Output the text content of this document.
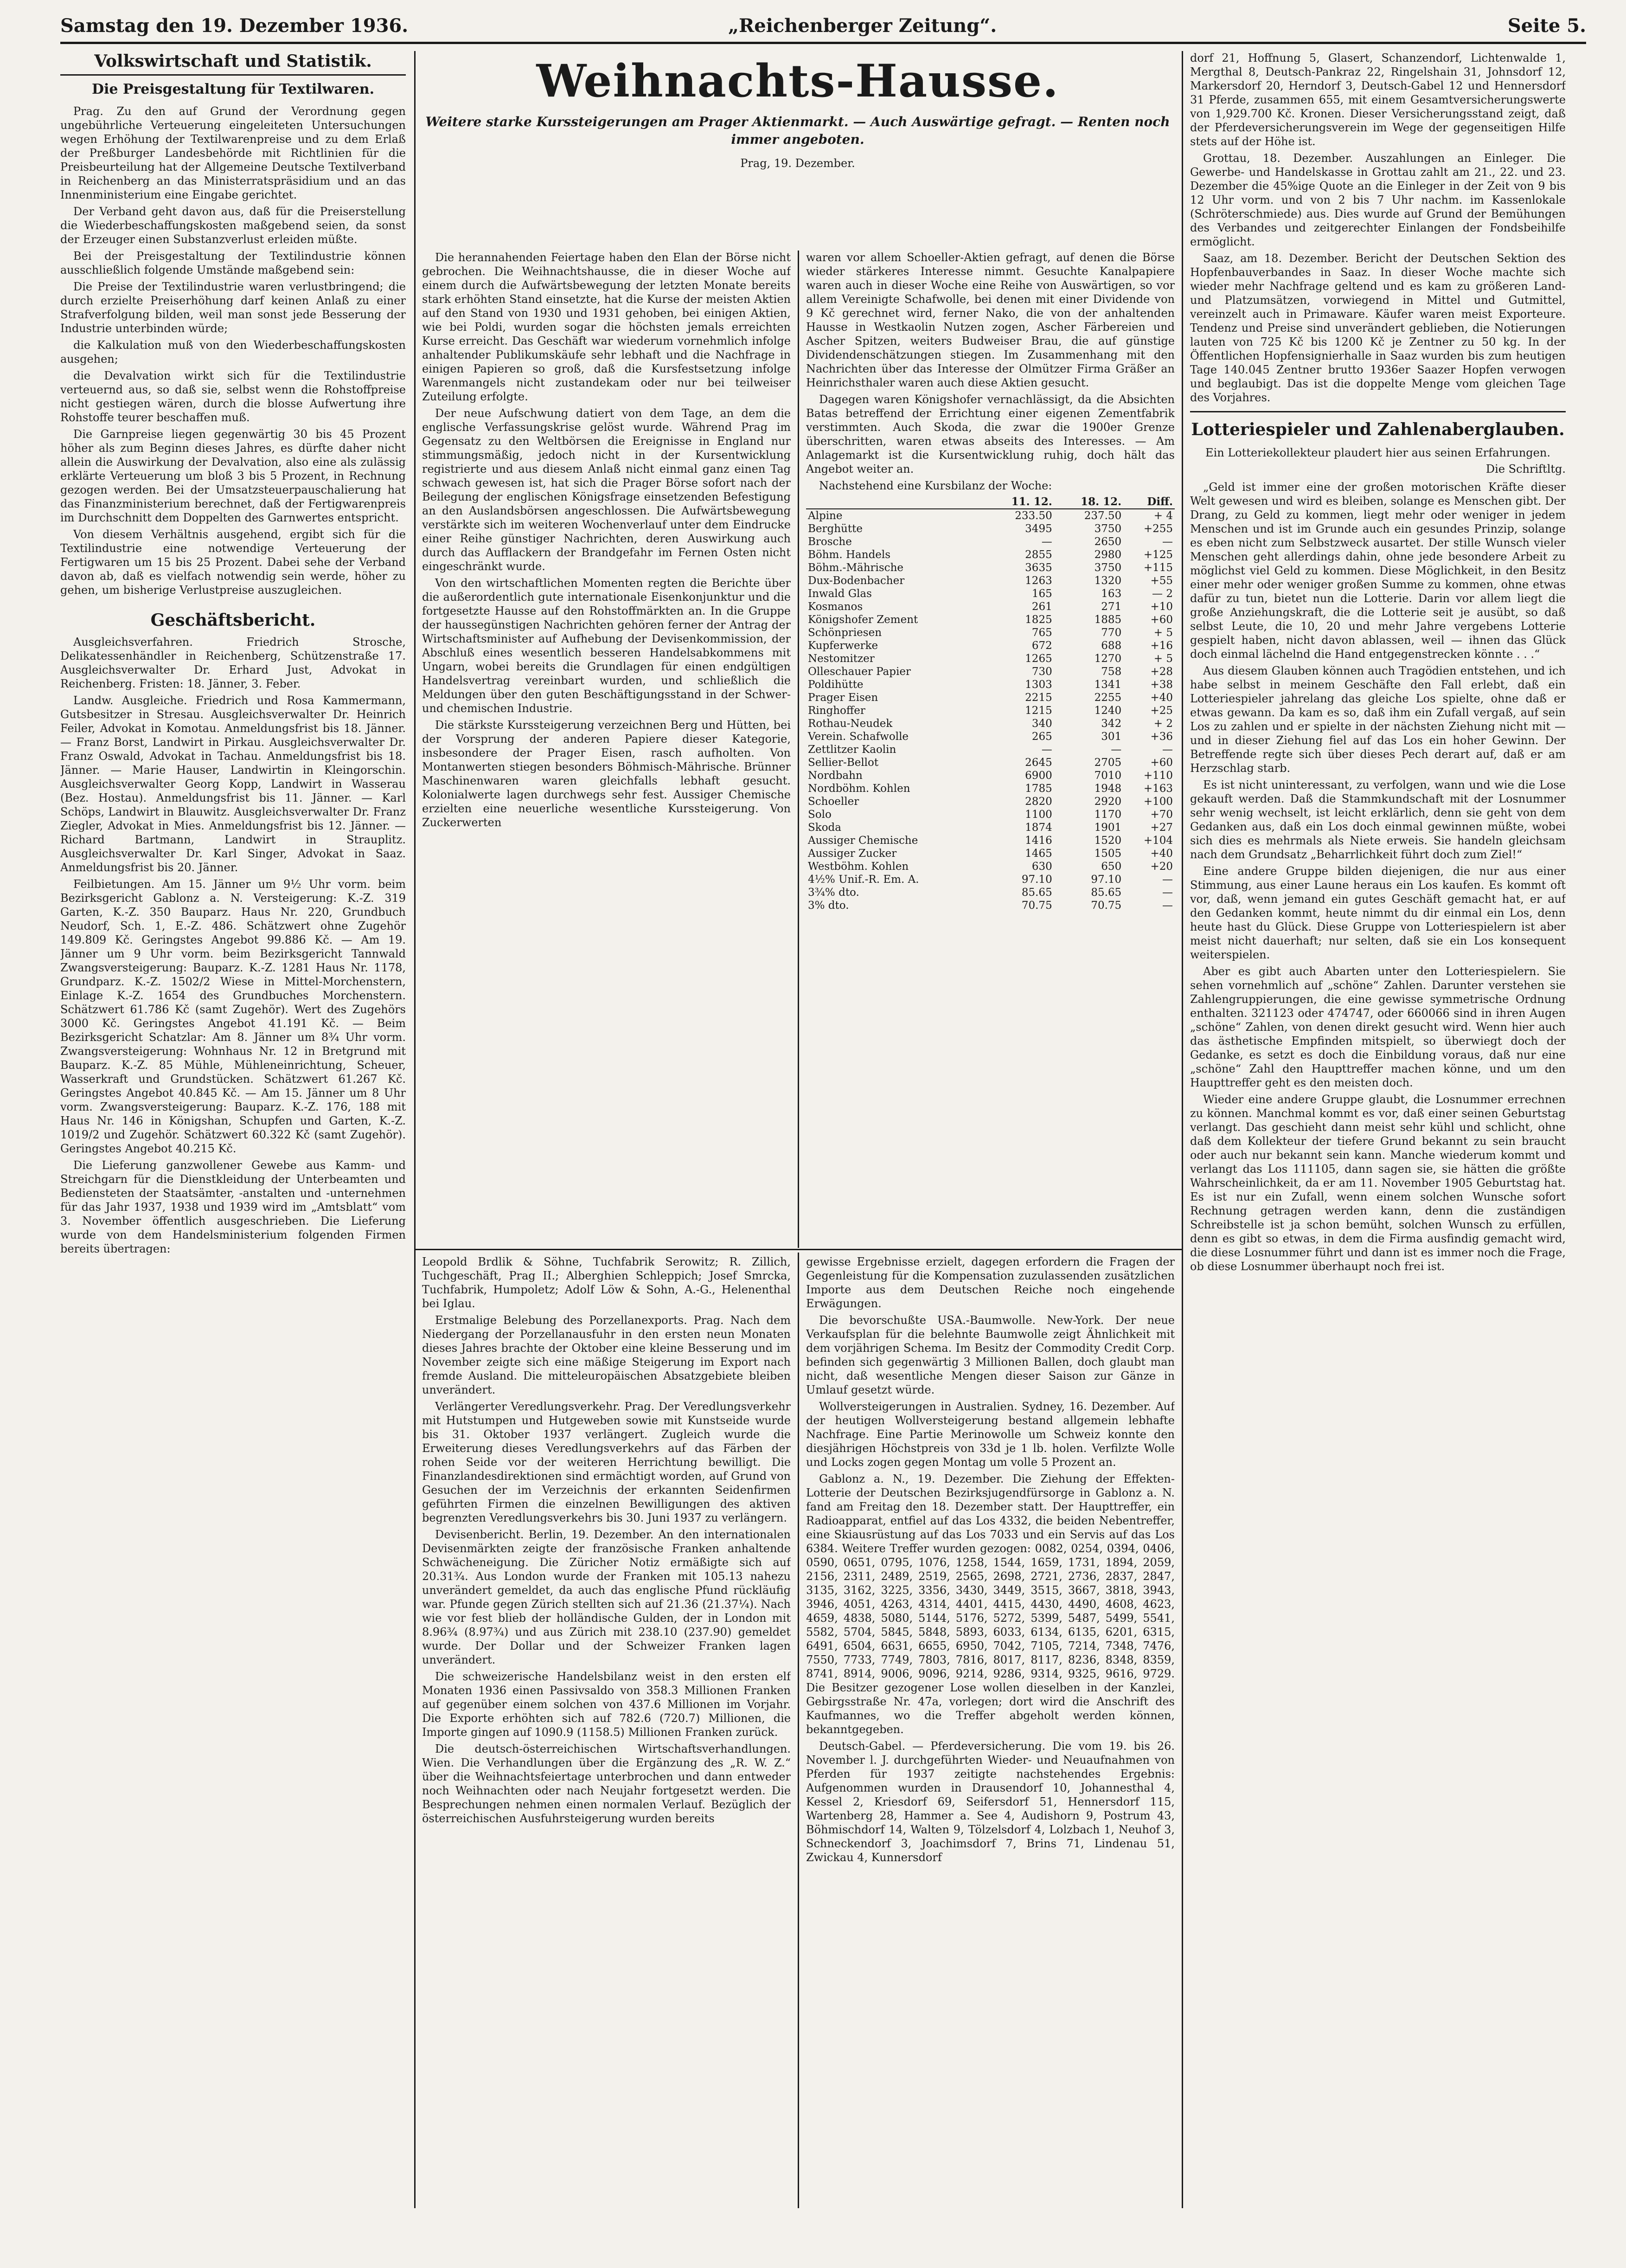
Samstag den 19. Dezember 1936.	„Reichenberger Zeitung“.	Seite 5.
Volkswirtschaft und Statistik.
Die Preisgestaltung für Textilwaren.

Prag. Zu den auf Grund der Verordnung gegen ungebührliche Verteuerung eingeleiteten Untersuchungen wegen Erhöhung der Textilwarenpreise und zu dem Erlaß der Preßburger Landesbehörde mit Richtlinien für die Preisbeurteilung hat der Allgemeine Deutsche Textilverband in Reichenberg an das Ministerratspräsidium und an das Innenministerium eine Eingabe gerichtet.

Der Verband geht davon aus, daß für die Preiserstellung die Wiederbeschaffungskosten maßgebend seien, da sonst der Erzeuger einen Substanzverlust erleiden müßte.

Bei der Preisgestaltung der Textilindustrie können ausschließlich folgende Umstände maßgebend sein:

Die Preise der Textilindustrie waren verlustbringend; die durch erzielte Preiserhöhung darf keinen Anlaß zu einer Strafverfolgung bilden, weil man sonst jede Besserung der Industrie unterbinden würde;

die Kalkulation muß von den Wiederbeschaffungskosten ausgehen;

die Devalvation wirkt sich für die Textilindustrie verteuernd aus, so daß sie, selbst wenn die Rohstoffpreise nicht gestiegen wären, durch die blosse Aufwertung ihre Rohstoffe teurer beschaffen muß.

Die Garnpreise liegen gegenwärtig 30 bis 45 Prozent höher als zum Beginn dieses Jahres, es dürfte daher nicht allein die Auswirkung der Devalvation, also eine als zulässig erklärte Verteuerung um bloß 3 bis 5 Prozent, in Rechnung gezogen werden. Bei der Umsatzsteuerpauschalierung hat das Finanzministerium berechnet, daß der Fertigwarenpreis im Durchschnitt dem Doppelten des Garnwertes entspricht.

Von diesem Verhältnis ausgehend, ergibt sich für die Textilindustrie eine notwendige Verteuerung der Fertigwaren um 15 bis 25 Prozent. Dabei sehe der Verband davon ab, daß es vielfach notwendig sein werde, höher zu gehen, um bisherige Verlustpreise auszugleichen.

Geschäftsbericht.

Ausgleichsverfahren. Friedrich Strosche, Delikatessenhändler in Reichenberg, Schützenstraße 17. Ausgleichsverwalter Dr. Erhard Just, Advokat in Reichenberg. Fristen: 18. Jänner, 3. Feber.

Landw. Ausgleiche. Friedrich und Rosa Kammermann, Gutsbesitzer in Stresau. Ausgleichsverwalter Dr. Heinrich Feiler, Advokat in Komotau. Anmeldungsfrist bis 18. Jänner. — Franz Borst, Landwirt in Pirkau. Ausgleichsverwalter Dr. Franz Oswald, Advokat in Tachau. Anmeldungsfrist bis 18. Jänner. — Marie Hauser, Landwirtin in Kleingorschin. Ausgleichsverwalter Georg Kopp, Landwirt in Wasserau (Bez. Hostau). Anmeldungsfrist bis 11. Jänner. — Karl Schöps, Landwirt in Blauwitz. Ausgleichsverwalter Dr. Franz Ziegler, Advokat in Mies. Anmeldungsfrist bis 12. Jänner. — Richard Bartmann, Landwirt in Strauplitz. Ausgleichsverwalter Dr. Karl Singer, Advokat in Saaz. Anmeldungsfrist bis 20. Jänner.

Feilbietungen. Am 15. Jänner um 9½ Uhr vorm. beim Bezirksgericht Gablonz a. N. Versteigerung: K.-Z. 319 Garten, K.-Z. 350 Bauparz. Haus Nr. 220, Grundbuch Neudorf, Sch. 1, E.-Z. 486. Schätzwert ohne Zugehör 149.809 Kč. Geringstes Angebot 99.886 Kč. — Am 19. Jänner um 9 Uhr vorm. beim Bezirksgericht Tannwald Zwangsversteigerung: Bauparz. K.-Z. 1281 Haus Nr. 1178, Grundparz. K.-Z. 1502/2 Wiese in Mittel-Morchenstern, Einlage K.-Z. 1654 des Grundbuches Morchenstern. Schätzwert 61.786 Kč (samt Zugehör). Wert des Zugehörs 3000 Kč. Geringstes Angebot 41.191 Kč. — Beim Bezirksgericht Schatzlar: Am 8. Jänner um 8¾ Uhr vorm. Zwangsversteigerung: Wohnhaus Nr. 12 in Bretgrund mit Bauparz. K.-Z. 85 Mühle, Mühleneinrichtung, Scheuer, Wasserkraft und Grundstücken. Schätzwert 61.267 Kč. Geringstes Angebot 40.845 Kč. — Am 15. Jänner um 8 Uhr vorm. Zwangsversteigerung: Bauparz. K.-Z. 176, 188 mit Haus Nr. 146 in Königshan, Schupfen und Garten, K.-Z. 1019/2 und Zugehör. Schätzwert 60.322 Kč (samt Zugehör). Geringstes Angebot 40.215 Kč.

Die Lieferung ganzwollener Gewebe aus Kamm- und Streichgarn für die Dienstkleidung der Unterbeamten und Bediensteten der Staatsämter, -anstalten und -unternehmen für das Jahr 1937, 1938 und 1939 wird im „Amtsblatt“ vom 3. November öffentlich ausgeschrieben. Die Lieferung wurde von dem Handelsministerium folgenden Firmen bereits übertragen:

Weihnachts-Hausse.
Weitere starke Kurssteigerungen am Prager Aktienmarkt. — Auch Auswärtige gefragt. — Renten noch immer angeboten.
Prag, 19. Dezember.

Die herannahenden Feiertage haben den Elan der Börse nicht gebrochen. Die Weihnachtshausse, die in dieser Woche auf einem durch die Aufwärtsbewegung der letzten Monate bereits stark erhöhten Stand einsetzte, hat die Kurse der meisten Aktien auf den Stand von 1930 und 1931 gehoben, bei einigen Aktien, wie bei Poldi, wurden sogar die höchsten jemals erreichten Kurse erreicht. Das Geschäft war wiederum vornehmlich infolge anhaltender Publikumskäufe sehr lebhaft und die Nachfrage in einigen Papieren so groß, daß die Kursfestsetzung infolge Warenmangels nicht zustandekam oder nur bei teilweiser Zuteilung erfolgte.

Der neue Aufschwung datiert von dem Tage, an dem die englische Verfassungskrise gelöst wurde. Während Prag im Gegensatz zu den Weltbörsen die Ereignisse in England nur stimmungsmäßig, jedoch nicht in der Kursentwicklung registrierte und aus diesem Anlaß nicht einmal ganz einen Tag schwach gewesen ist, hat sich die Prager Börse sofort nach der Beilegung der englischen Königsfrage einsetzenden Befestigung an den Auslandsbörsen angeschlossen. Die Aufwärtsbewegung verstärkte sich im weiteren Wochenverlauf unter dem Eindrucke einer Reihe günstiger Nachrichten, deren Auswirkung auch durch das Aufflackern der Brandgefahr im Fernen Osten nicht eingeschränkt wurde.

Von den wirtschaftlichen Momenten regten die Berichte über die außerordentlich gute internationale Eisenkonjunktur und die fortgesetzte Hausse auf den Rohstoffmärkten an. In die Gruppe der haussegünstigen Nachrichten gehören ferner der Antrag der Wirtschaftsminister auf Aufhebung der Devisenkommission, der Abschluß eines wesentlich besseren Handelsabkommens mit Ungarn, wobei bereits die Grundlagen für einen endgültigen Handelsvertrag vereinbart wurden, und schließlich die Meldungen über den guten Beschäftigungsstand in der Schwer- und chemischen Industrie.

Die stärkste Kurssteigerung verzeichnen Berg und Hütten, bei der Vorsprung der anderen Papiere dieser Kategorie, insbesondere der Prager Eisen, rasch aufholten. Von Montanwerten stiegen besonders Böhmisch-Mährische. Brünner Maschinenwaren waren gleichfalls lebhaft gesucht. Kolonialwerte lagen durchwegs sehr fest. Aussiger Chemische erzielten eine neuerliche wesentliche Kurssteigerung. Von Zuckerwerten

waren vor allem Schoeller-Aktien gefragt, auf denen die Börse wieder stärkeres Interesse nimmt. Gesuchte Kanalpapiere waren auch in dieser Woche eine Reihe von Auswärtigen, so vor allem Vereinigte Schafwolle, bei denen mit einer Dividende von 9 Kč gerechnet wird, ferner Nako, die von der anhaltenden Hausse in Westkaolin Nutzen zogen, Ascher Färbereien und Ascher Spitzen, weiters Budweiser Brau, die auf günstige Dividendenschätzungen stiegen. Im Zusammenhang mit den Nachrichten über das Interesse der Olmützer Firma Gräßer an Heinrichsthaler waren auch diese Aktien gesucht.

Dagegen waren Königshofer vernachlässigt, da die Absichten Batas betreffend der Errichtung einer eigenen Zementfabrik verstimmten. Auch Skoda, die zwar die 1900er Grenze überschritten, waren etwas abseits des Interesses. — Am Anlagemarkt ist die Kursentwicklung ruhig, doch hält das Angebot weiter an.

Nachstehend eine Kursbilanz der Woche:

	11. 12.	18. 12.	Diff.
Alpine	233.50	237.50	+ 4
Berghütte	3495	3750	+255
Brosche	—	2650	—
Böhm. Handels	2855	2980	+125
Böhm.-Mährische	3635	3750	+115
Dux-Bodenbacher	1263	1320	+55
Inwald Glas	165	163	— 2
Kosmanos	261	271	+10
Königshofer Zement	1825	1885	+60
Schönpriesen	765	770	+ 5
Kupferwerke	672	688	+16
Nestomitzer	1265	1270	+ 5
Olleschauer Papier	730	758	+28
Poldihütte	1303	1341	+38
Prager Eisen	2215	2255	+40
Ringhoffer	1215	1240	+25
Rothau-Neudek	340	342	+ 2
Verein. Schafwolle	265	301	+36
Zettlitzer Kaolin	—	—	—
Sellier-Bellot	2645	2705	+60
Nordbahn	6900	7010	+110
Nordböhm. Kohlen	1785	1948	+163
Schoeller	2820	2920	+100
Solo	1100	1170	+70
Skoda	1874	1901	+27
Aussiger Chemische	1416	1520	+104
Aussiger Zucker	1465	1505	+40
Westböhm. Kohlen	630	650	+20
4½% Unif.-R. Em. A.	97.10	97.10	—
3¾% dto.	85.65	85.65	—
3% dto.	70.75	70.75	—

Leopold Brdlik & Söhne, Tuchfabrik Serowitz; R. Zillich, Tuchgeschäft, Prag II.; Alberghien Schleppich; Josef Smrcka, Tuchfabrik, Humpoletz; Adolf Löw & Sohn, A.-G., Helenenthal bei Iglau.

Erstmalige Belebung des Porzellanexports. Prag. Nach dem Niedergang der Porzellanausfuhr in den ersten neun Monaten dieses Jahres brachte der Oktober eine kleine Besserung und im November zeigte sich eine mäßige Steigerung im Export nach fremde Ausland. Die mitteleuropäischen Absatzgebiete bleiben unverändert.

Verlängerter Veredlungsverkehr. Prag. Der Veredlungsverkehr mit Hutstumpen und Hutgeweben sowie mit Kunstseide wurde bis 31. Oktober 1937 verlängert. Zugleich wurde die Erweiterung dieses Veredlungsverkehrs auf das Färben der rohen Seide vor der weiteren Herrichtung bewilligt. Die Finanzlandesdirektionen sind ermächtigt worden, auf Grund von Gesuchen der im Verzeichnis der erkannten Seidenfirmen geführten Firmen die einzelnen Bewilligungen des aktiven begrenzten Veredlungsverkehrs bis 30. Juni 1937 zu verlängern.

Devisenbericht. Berlin, 19. Dezember. An den internationalen Devisenmärkten zeigte der französische Franken anhaltende Schwächeneigung. Die Züricher Notiz ermäßigte sich auf 20.31¾. Aus London wurde der Franken mit 105.13 nahezu unverändert gemeldet, da auch das englische Pfund rückläufig war. Pfunde gegen Zürich stellten sich auf 21.36 (21.37¼). Nach wie vor fest blieb der holländische Gulden, der in London mit 8.96¾ (8.97¾) und aus Zürich mit 238.10 (237.90) gemeldet wurde. Der Dollar und der Schweizer Franken lagen unverändert.

Die schweizerische Handelsbilanz weist in den ersten elf Monaten 1936 einen Passivsaldo von 358.3 Millionen Franken auf gegenüber einem solchen von 437.6 Millionen im Vorjahr. Die Exporte erhöhten sich auf 782.6 (720.7) Millionen, die Importe gingen auf 1090.9 (1158.5) Millionen Franken zurück.

Die deutsch-österreichischen Wirtschaftsverhandlungen. Wien. Die Verhandlungen über die Ergänzung des „R. W. Z.“ über die Weihnachtsfeiertage unterbrochen und dann entweder noch Weihnachten oder nach Neujahr fortgesetzt werden. Die Besprechungen nehmen einen normalen Verlauf. Bezüglich der österreichischen Ausfuhrsteigerung wurden bereits

gewisse Ergebnisse erzielt, dagegen erfordern die Fragen der Gegenleistung für die Kompensation zuzulassenden zusätzlichen Importe aus dem Deutschen Reiche noch eingehende Erwägungen.

Die bevorschußte USA.-Baumwolle. New-York. Der neue Verkaufsplan für die belehnte Baumwolle zeigt Ähnlichkeit mit dem vorjährigen Schema. Im Besitz der Commodity Credit Corp. befinden sich gegenwärtig 3 Millionen Ballen, doch glaubt man nicht, daß wesentliche Mengen dieser Saison zur Gänze in Umlauf gesetzt würde.

Wollversteigerungen in Australien. Sydney, 16. Dezember. Auf der heutigen Wollversteigerung bestand allgemein lebhafte Nachfrage. Eine Partie Merinowolle um Schweiz konnte den diesjährigen Höchstpreis von 33d je 1 lb. holen. Verfilzte Wolle und Locks zogen gegen Montag um volle 5 Prozent an.

Gablonz a. N., 19. Dezember. Die Ziehung der Effekten-Lotterie der Deutschen Bezirksjugendfürsorge in Gablonz a. N. fand am Freitag den 18. Dezember statt. Der Haupttreffer, ein Radioapparat, entfiel auf das Los 4332, die beiden Nebentreffer, eine Skiausrüstung auf das Los 7033 und ein Servis auf das Los 6384. Weitere Treffer wurden gezogen: 0082, 0254, 0394, 0406, 0590, 0651, 0795, 1076, 1258, 1544, 1659, 1731, 1894, 2059, 2156, 2311, 2489, 2519, 2565, 2698, 2721, 2736, 2837, 2847, 3135, 3162, 3225, 3356, 3430, 3449, 3515, 3667, 3818, 3943, 3946, 4051, 4263, 4314, 4401, 4415, 4430, 4490, 4608, 4623, 4659, 4838, 5080, 5144, 5176, 5272, 5399, 5487, 5499, 5541, 5582, 5704, 5845, 5848, 5893, 6033, 6134, 6135, 6201, 6315, 6491, 6504, 6631, 6655, 6950, 7042, 7105, 7214, 7348, 7476, 7550, 7733, 7749, 7803, 7816, 8017, 8117, 8236, 8348, 8359, 8741, 8914, 9006, 9096, 9214, 9286, 9314, 9325, 9616, 9729. Die Besitzer gezogener Lose wollen dieselben in der Kanzlei, Gebirgsstraße Nr. 47a, vorlegen; dort wird die Anschrift des Kaufmannes, wo die Treffer abgeholt werden können, bekanntgegeben.

Deutsch-Gabel. — Pferdeversicherung. Die vom 19. bis 26. November l. J. durchgeführten Wieder- und Neuaufnahmen von Pferden für 1937 zeitigte nachstehendes Ergebnis: Aufgenommen wurden in Drausendorf 10, Johannesthal 4, Kessel 2, Kriesdorf 69, Seifersdorf 51, Hennersdorf 115, Wartenberg 28, Hammer a. See 4, Audishorn 9, Postrum 43, Böhmischdorf 14, Walten 9, Tölzelsdorf 4, Lolzbach 1, Neuhof 3, Schneckendorf 3, Joachimsdorf 7, Brins 71, Lindenau 51, Zwickau 4, Kunnersdorf

dorf 21, Hoffnung 5, Glasert, Schanzendorf, Lichtenwalde 1, Mergthal 8, Deutsch-Pankraz 22, Ringelshain 31, Johnsdorf 12, Markersdorf 20, Herndorf 3, Deutsch-Gabel 12 und Hennersdorf 31 Pferde, zusammen 655, mit einem Gesamtversicherungswerte von 1,929.700 Kč. Kronen. Dieser Versicherungsstand zeigt, daß der Pferdeversicherungsverein im Wege der gegenseitigen Hilfe stets auf der Höhe ist.

Grottau, 18. Dezember. Auszahlungen an Einleger. Die Gewerbe- und Handelskasse in Grottau zahlt am 21., 22. und 23. Dezember die 45%ige Quote an die Einleger in der Zeit von 9 bis 12 Uhr vorm. und von 2 bis 7 Uhr nachm. im Kassenlokale (Schröterschmiede) aus. Dies wurde auf Grund der Bemühungen des Verbandes und zeitgerechter Einlangen der Fondsbeihilfe ermöglicht.

Saaz, am 18. Dezember. Bericht der Deutschen Sektion des Hopfenbauverbandes in Saaz. In dieser Woche machte sich wieder mehr Nachfrage geltend und es kam zu größeren Land- und Platzumsätzen, vorwiegend in Mittel und Gutmittel, vereinzelt auch in Primaware. Käufer waren meist Exporteure. Tendenz und Preise sind unverändert geblieben, die Notierungen lauten von 725 Kč bis 1200 Kč je Zentner zu 50 kg. In der Öffentlichen Hopfensignierhalle in Saaz wurden bis zum heutigen Tage 140.045 Zentner brutto 1936er Saazer Hopfen verwogen und beglaubigt. Das ist die doppelte Menge vom gleichen Tage des Vorjahres.

Lotteriespieler und Zahlenaberglauben.

Ein Lotteriekollekteur plaudert hier aus seinen Erfahrungen.

Die Schriftltg.

„Geld ist immer eine der großen motorischen Kräfte dieser Welt gewesen und wird es bleiben, solange es Menschen gibt. Der Drang, zu Geld zu kommen, liegt mehr oder weniger in jedem Menschen und ist im Grunde auch ein gesundes Prinzip, solange es eben nicht zum Selbstzweck ausartet. Der stille Wunsch vieler Menschen geht allerdings dahin, ohne jede besondere Arbeit zu möglichst viel Geld zu kommen. Diese Möglichkeit, in den Besitz einer mehr oder weniger großen Summe zu kommen, ohne etwas dafür zu tun, bietet nun die Lotterie. Darin vor allem liegt die große Anziehungskraft, die die Lotterie seit je ausübt, so daß selbst Leute, die 10, 20 und mehr Jahre vergebens Lotterie gespielt haben, nicht davon ablassen, weil — ihnen das Glück doch einmal lächelnd die Hand entgegenstrecken könnte . . .“

Aus diesem Glauben können auch Tragödien entstehen, und ich habe selbst in meinem Geschäfte den Fall erlebt, daß ein Lotteriespieler jahrelang das gleiche Los spielte, ohne daß er etwas gewann. Da kam es so, daß ihm ein Zufall vergaß, auf sein Los zu zahlen und er spielte in der nächsten Ziehung nicht mit — und in dieser Ziehung fiel auf das Los ein hoher Gewinn. Der Betreffende regte sich über dieses Pech derart auf, daß er am Herzschlag starb.

Es ist nicht uninteressant, zu verfolgen, wann und wie die Lose gekauft werden. Daß die Stammkundschaft mit der Losnummer sehr wenig wechselt, ist leicht erklärlich, denn sie geht von dem Gedanken aus, daß ein Los doch einmal gewinnen müßte, wobei sich dies es mehrmals als Niete erweis. Sie handeln gleichsam nach dem Grundsatz „Beharrlichkeit führt doch zum Ziel!“

Eine andere Gruppe bilden diejenigen, die nur aus einer Stimmung, aus einer Laune heraus ein Los kaufen. Es kommt oft vor, daß, wenn jemand ein gutes Geschäft gemacht hat, er auf den Gedanken kommt, heute nimmt du dir einmal ein Los, denn heute hast du Glück. Diese Gruppe von Lotteriespielern ist aber meist nicht dauerhaft; nur selten, daß sie ein Los konsequent weiterspielen.

Aber es gibt auch Abarten unter den Lotteriespielern. Sie sehen vornehmlich auf „schöne“ Zahlen. Darunter verstehen sie Zahlengruppierungen, die eine gewisse symmetrische Ordnung enthalten. 321123 oder 474747, oder 660066 sind in ihren Augen „schöne“ Zahlen, von denen direkt gesucht wird. Wenn hier auch das ästhetische Empfinden mitspielt, so überwiegt doch der Gedanke, es setzt es doch die Einbildung voraus, daß nur eine „schöne“ Zahl den Haupttreffer machen könne, und um den Haupttreffer geht es den meisten doch.

Wieder eine andere Gruppe glaubt, die Losnummer errechnen zu können. Manchmal kommt es vor, daß einer seinen Geburtstag verlangt. Das geschieht dann meist sehr kühl und schlicht, ohne daß dem Kollekteur der tiefere Grund bekannt zu sein braucht oder auch nur bekannt sein kann. Manche wiederum kommt und verlangt das Los 111105, dann sagen sie, sie hätten die größte Wahrscheinlichkeit, da er am 11. November 1905 Geburtstag hat. Es ist nur ein Zufall, wenn einem solchen Wunsche sofort Rechnung getragen werden kann, denn die zuständigen Schreibstelle ist ja schon bemüht, solchen Wunsch zu erfüllen, denn es gibt so etwas, in dem die Firma ausfindig gemacht wird, die diese Losnummer führt und dann ist es immer noch die Frage, ob diese Losnummer überhaupt noch frei ist.
